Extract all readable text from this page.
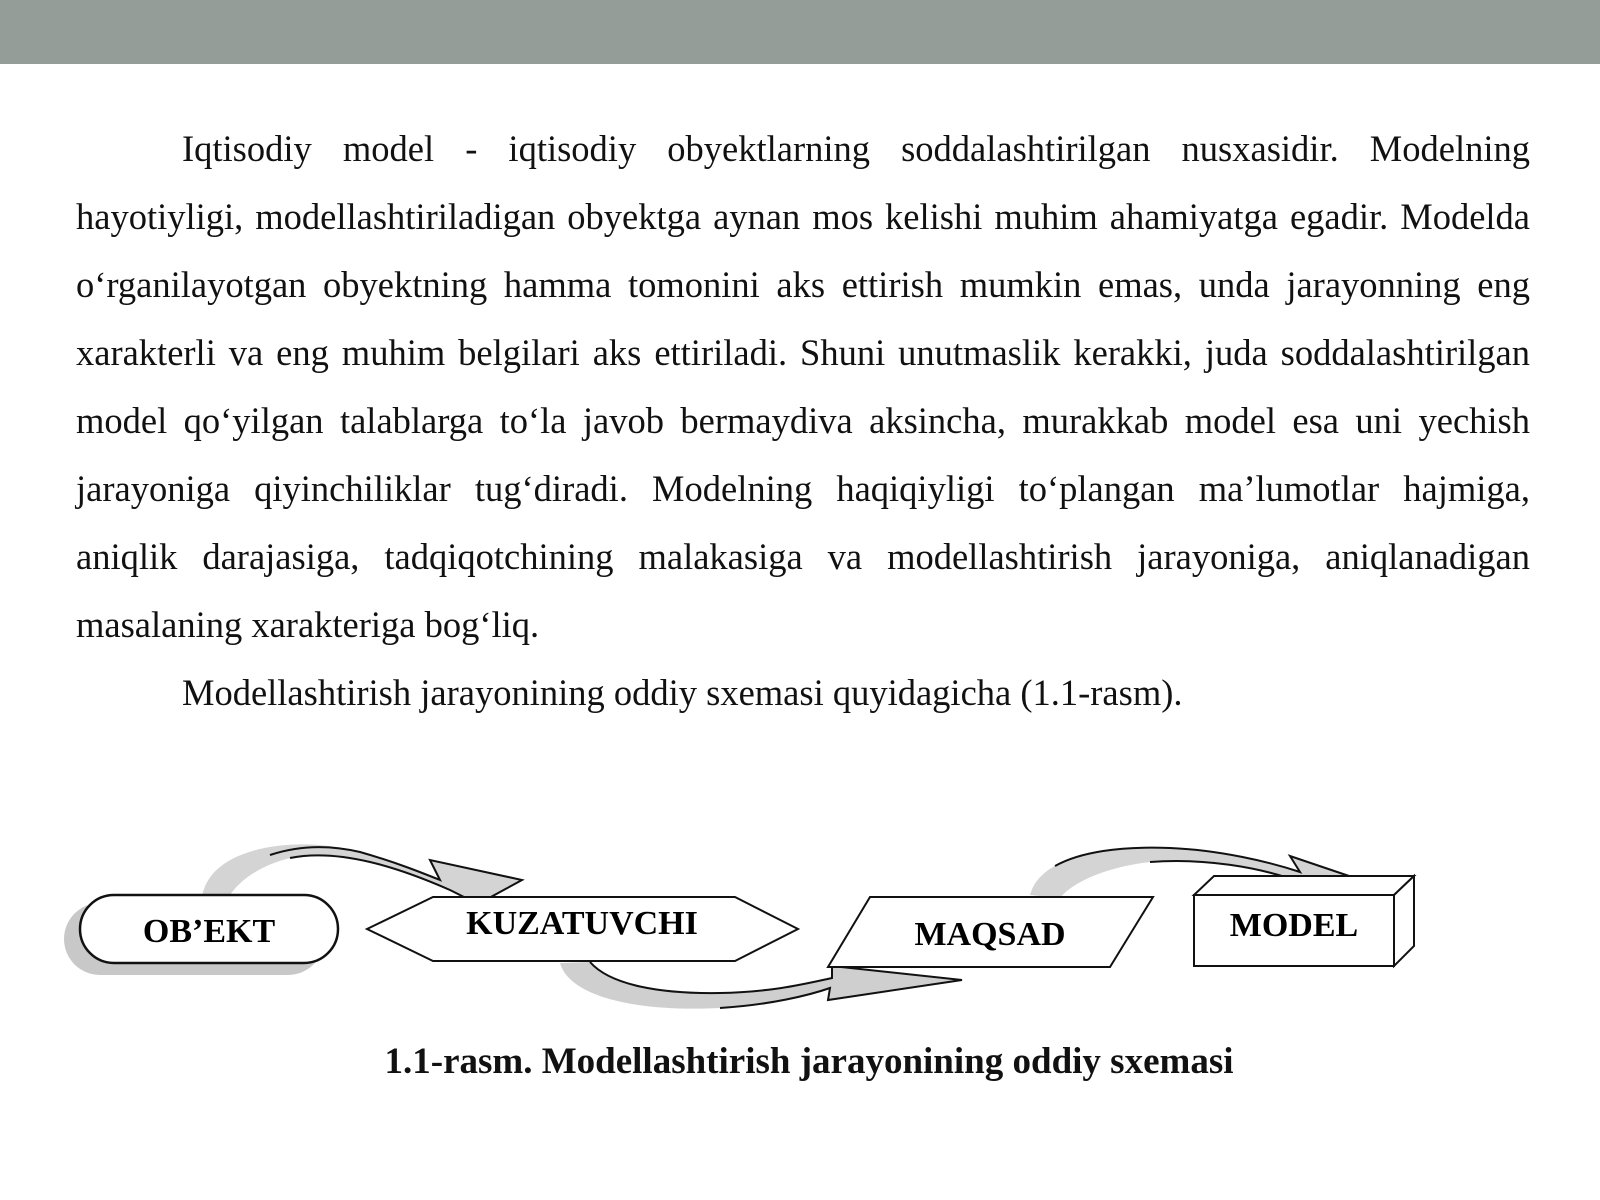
Iqtisodiy model - iqtisodiy obyektlarning soddalashtirilgan nusxasidir. Modelning hayotiyligi, modellashtiriladigan obyektga aynan mos kelishi muhim ahamiyatga egadir. Modelda o‘rganilayotgan obyektning hamma tomonini aks ettirish mumkin emas, unda jarayonning eng xarakterli va eng muhim belgilari aks ettiriladi. Shuni unutmaslik kerakki, juda soddalashtirilgan model qo‘yilgan talablarga to‘la javob bermaydiva aksincha, murakkab model esa uni yechish jarayoniga qiyinchiliklar tug‘diradi. Modelning haqiqiyligi to‘plangan ma’lumotlar hajmiga, aniqlik darajasiga, tadqiqotchining malakasiga va modellashtirish jarayoniga, aniqlanadigan masalaning xarakteriga bog‘liq.

Modellashtirish jarayonining oddiy sxemasi quyidagicha (1.1-rasm).

OB’EKT	KUZATUVCHI	MAQSAD	MODEL

1.1-rasm. Modellashtirish jarayonining oddiy sxemasi
